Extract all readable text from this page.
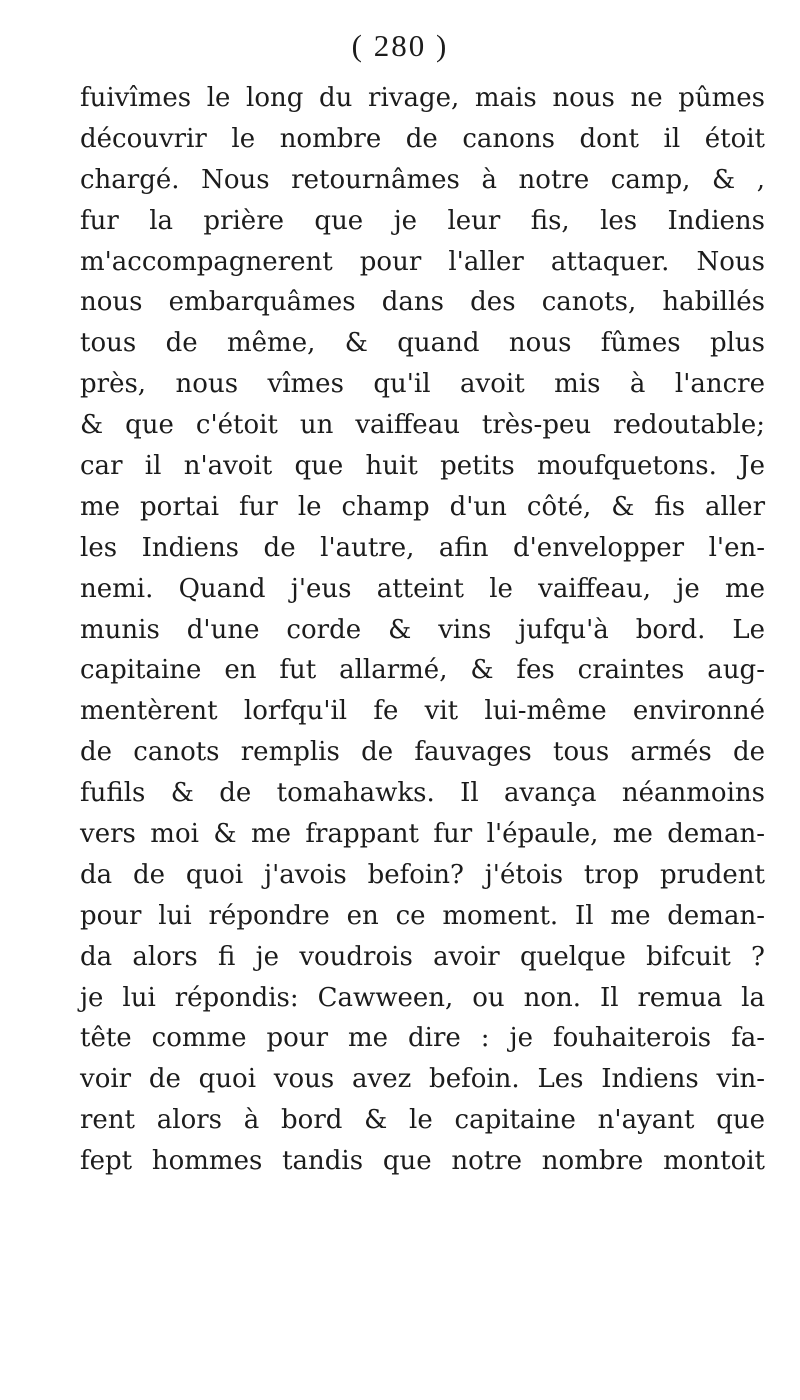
( 280 )
fuivîmes le long du rivage, mais nous ne pûmes
découvrir le nombre de canons dont il étoit
chargé. Nous retournâmes à notre camp, & ,
fur la prière que je leur fis, les Indiens
m'accompagnerent pour l'aller attaquer. Nous
nous embarquâmes dans des canots, habillés
tous de même, & quand nous fûmes plus
près, nous vîmes qu'il avoit mis à l'ancre
& que c'étoit un vaiffeau très-peu redoutable;
car il n'avoit que huit petits moufquetons. Je
me portai fur le champ d'un côté, & fis aller
les Indiens de l'autre, afin d'envelopper l'en-
nemi. Quand j'eus atteint le vaiffeau, je me
munis d'une corde & vins jufqu'à bord. Le
capitaine en fut allarmé, & fes craintes aug-
mentèrent lorfqu'il fe vit lui-même environné
de canots remplis de fauvages tous armés de
fufils & de tomahawks. Il avança néanmoins
vers moi & me frappant fur l'épaule, me deman-
da de quoi j'avois befoin? j'étois trop prudent
pour lui répondre en ce moment. Il me deman-
da alors fi je voudrois avoir quelque bifcuit ?
je lui répondis: Cawween, ou non. Il remua la
tête comme pour me dire : je fouhaiterois fa-
voir de quoi vous avez befoin. Les Indiens vin-
rent alors à bord & le capitaine n'ayant que
fept hommes tandis que notre nombre montoit
